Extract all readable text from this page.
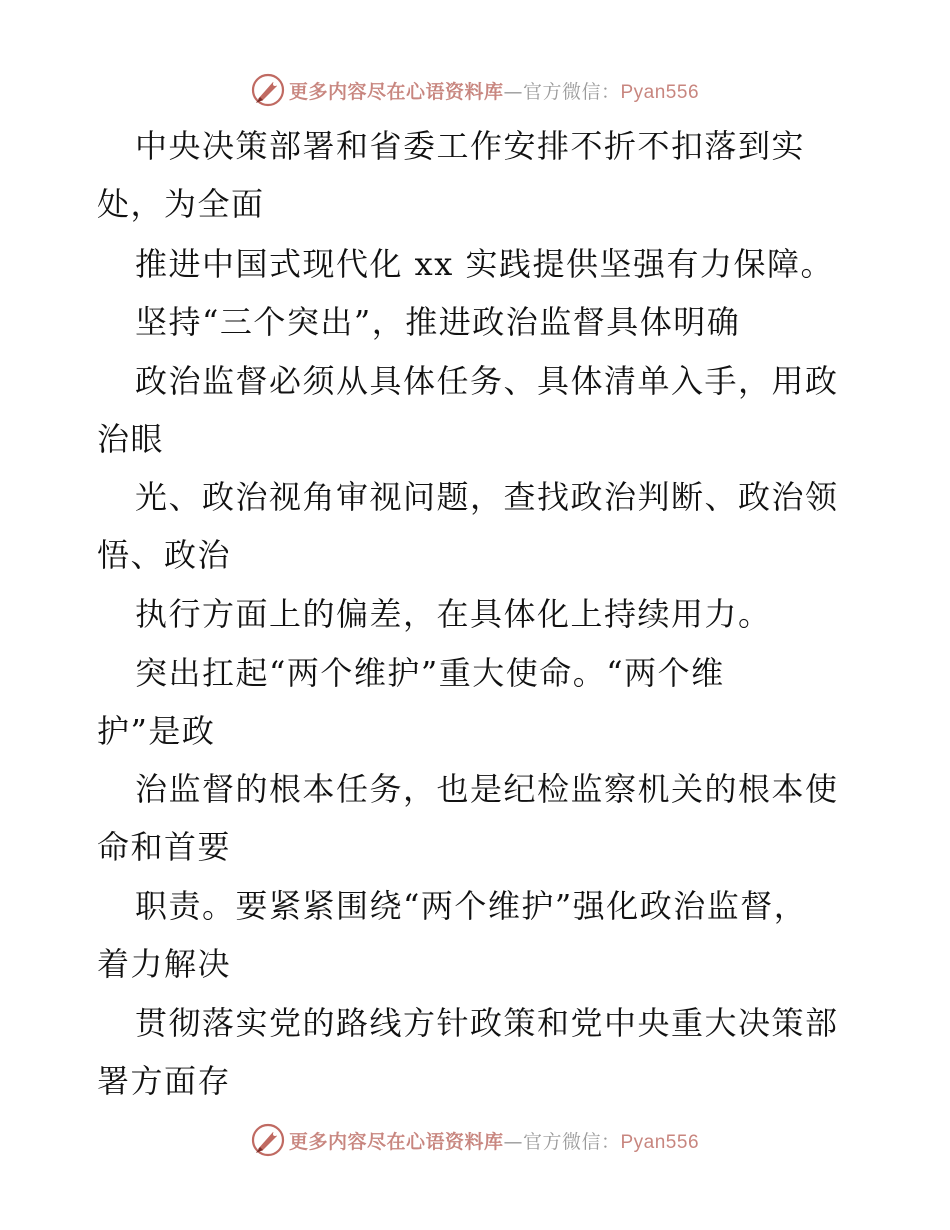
更多内容尽在心语资料库—官方微信：Pyan556
中央决策部署和省委工作安排不折不扣落到实
处，为全面
推进中国式现代化 xx 实践提供坚强有力保障。
坚持“三个突出”，推进政治监督具体明确
政治监督必须从具体任务、具体清单入手，用政
治眼
光、政治视角审视问题，查找政治判断、政治领
悟、政治
执行方面上的偏差，在具体化上持续用力。
突出扛起“两个维护”重大使命。“两个维
护”是政
治监督的根本任务，也是纪检监察机关的根本使
命和首要
职责。要紧紧围绕“两个维护”强化政治监督，
着力解决
贯彻落实党的路线方针政策和党中央重大决策部
署方面存
更多内容尽在心语资料库—官方微信：Pyan556
